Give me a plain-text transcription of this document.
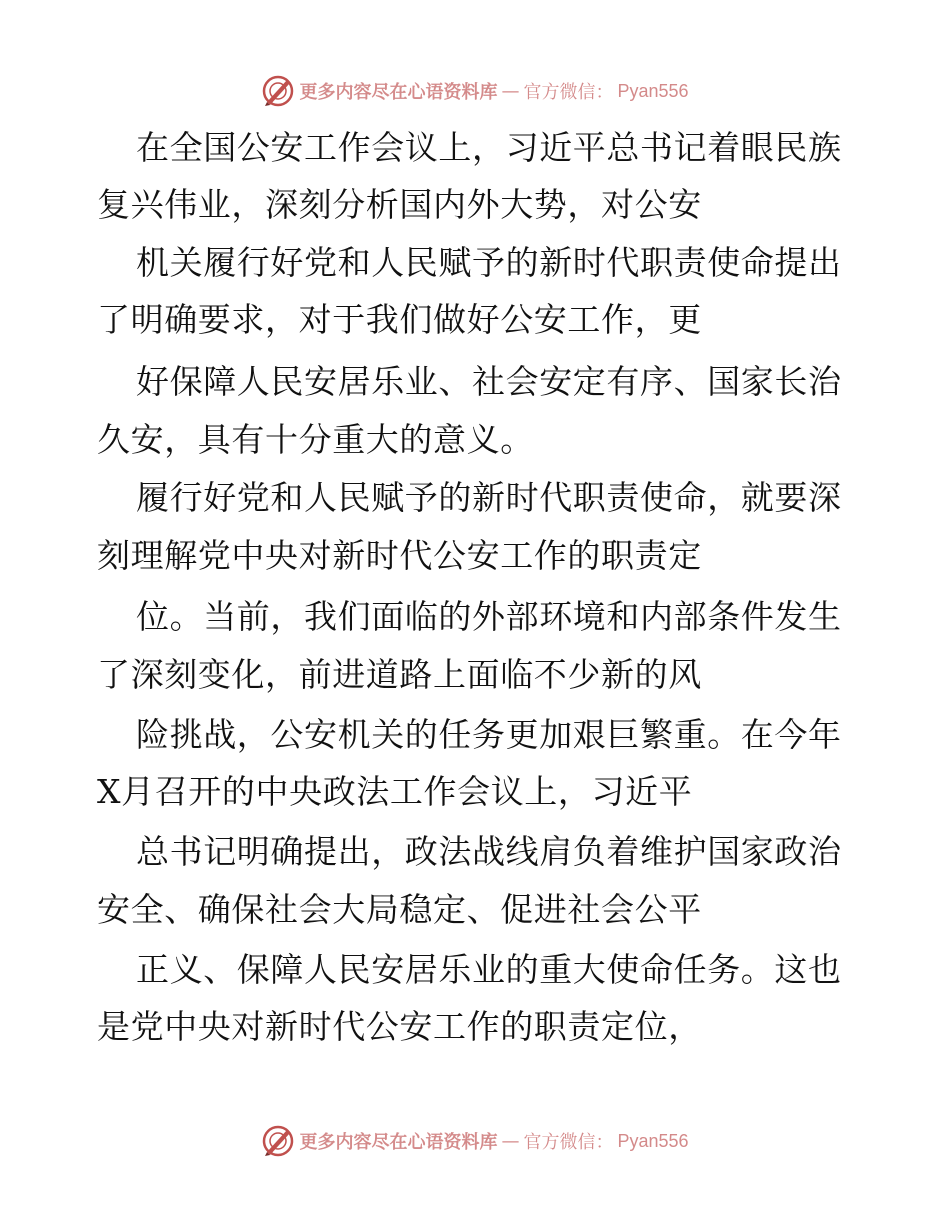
更多内容尽在心语资料库 — 官方微信： Pyan556

在全国公安工作会议上，习近平总书记着眼民族

复兴伟业，深刻分析国内外大势，对公安

机关履行好党和人民赋予的新时代职责使命提出

了明确要求，对于我们做好公安工作，更

好保障人民安居乐业、社会安定有序、国家长治

久安，具有十分重大的意义。

履行好党和人民赋予的新时代职责使命，就要深

刻理解党中央对新时代公安工作的职责定

位。当前，我们面临的外部环境和内部条件发生

了深刻变化，前进道路上面临不少新的风

险挑战，公安机关的任务更加艰巨繁重。在今年

X月召开的中央政法工作会议上，习近平

总书记明确提出，政法战线肩负着维护国家政治

安全、确保社会大局稳定、促进社会公平

正义、保障人民安居乐业的重大使命任务。这也

是党中央对新时代公安工作的职责定位，

更多内容尽在心语资料库 — 官方微信： Pyan556
